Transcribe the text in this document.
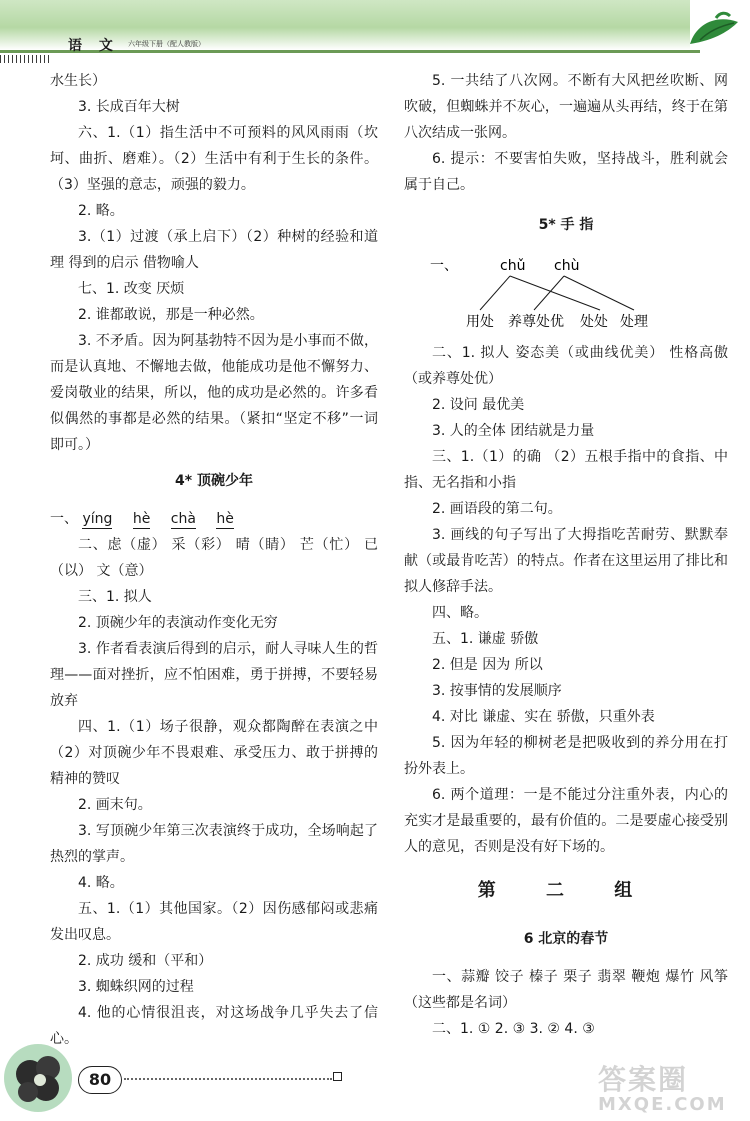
语 文 六年级下册（配人教版）

水生长）

3. 长成百年大树

六、1.（1）指生活中不可预料的风风雨雨（坎坷、曲折、磨难）。（2）生活中有利于生长的条件。（3）坚强的意志，顽强的毅力。

2. 略。

3.（1）过渡（承上启下）（2）种树的经验和道理 得到的启示 借物喻人

七、1. 改变 厌烦

2. 谁都敢说，那是一种必然。

3. 不矛盾。因为阿基勃特不因为是小事而不做，而是认真地、不懈地去做，他能成功是他不懈努力、爱岗敬业的结果，所以，他的成功是必然的。许多看似偶然的事都是必然的结果。（紧扣“坚定不移”一词即可。）

4* 顶碗少年

一、 yíng hè chà hè

二、虑（虚） 采（彩） 晴（睛） 芒（忙） 已（以） 文（意）

三、1. 拟人

2. 顶碗少年的表演动作变化无穷

3. 作者看表演后得到的启示，耐人寻味人生的哲理——面对挫折，应不怕困难，勇于拼搏，不要轻易放弃

四、1.（1）场子很静，观众都陶醉在表演之中（2）对顶碗少年不畏艰难、承受压力、敢于拼搏的精神的赞叹

2. 画末句。

3. 写顶碗少年第三次表演终于成功，全场响起了热烈的掌声。

4. 略。

五、1.（1）其他国家。（2）因伤感郁闷或悲痛发出叹息。

2. 成功 缓和（平和）

3. 蜘蛛织网的过程

4. 他的心情很沮丧，对这场战争几乎失去了信心。

5. 一共结了八次网。不断有大风把丝吹断、网吹破，但蜘蛛并不灰心，一遍遍从头再结，终于在第八次结成一张网。

6. 提示：不要害怕失败，坚持战斗，胜利就会属于自己。

5* 手 指
一、	chǔ chù
用处 养尊处优 处处 处理

二、1. 拟人 姿态美（或曲线优美） 性格高傲（或养尊处优）

2. 设问 最优美

3. 人的全体 团结就是力量

三、1.（1）的确 （2）五根手指中的食指、中指、无名指和小指

2. 画语段的第二句。

3. 画线的句子写出了大拇指吃苦耐劳、默默奉献（或最肯吃苦）的特点。作者在这里运用了排比和拟人修辞手法。

四、略。

五、1. 谦虚 骄傲

2. 但是 因为 所以

3. 按事情的发展顺序

4. 对比 谦虚、实在 骄傲，只重外表

5. 因为年轻的柳树老是把吸收到的养分用在打扮外表上。

6. 两个道理：一是不能过分注重外表，内心的充实才是最重要的，最有价值的。二是要虚心接受别人的意见，否则是没有好下场的。

第 二 组
6 北京的春节

一、蒜瓣 饺子 榛子 栗子 翡翠 鞭炮 爆竹 风筝（这些都是名词）

二、1. ① 2. ③ 3. ② 4. ③

80	答案圈
MXQE.COM
